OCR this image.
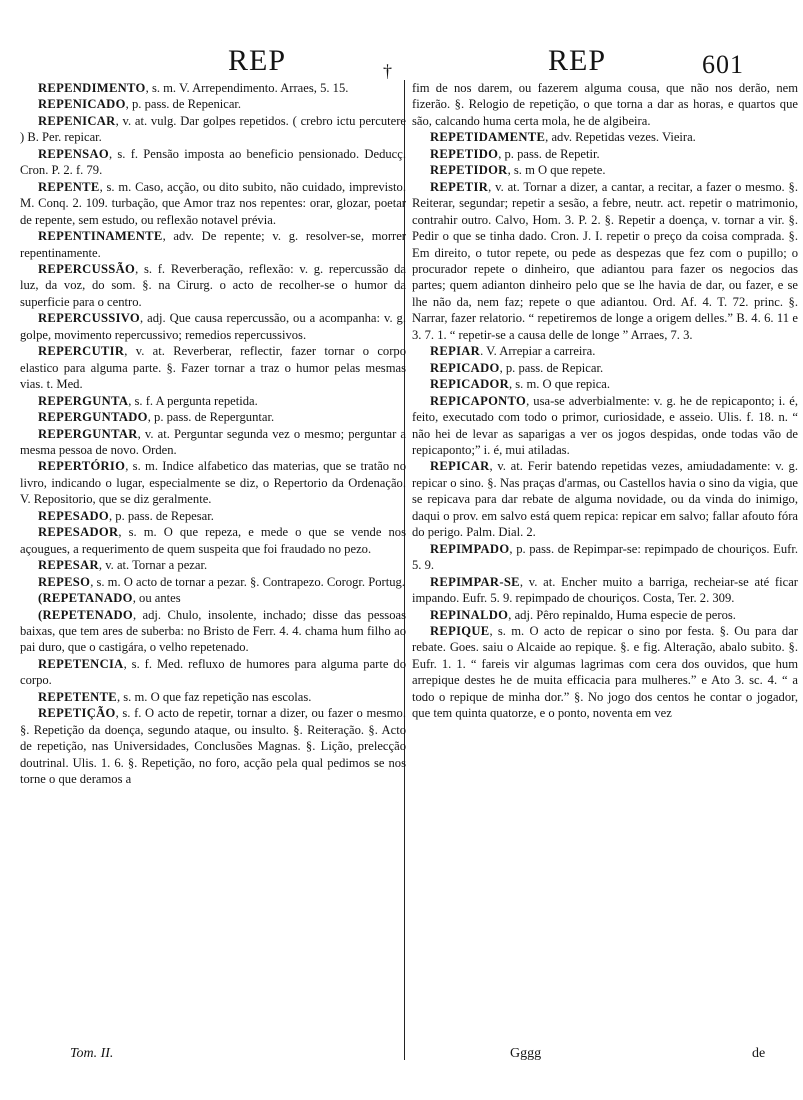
REP	†	REP	601

REPENDIMENTO, s. m. V. Arrependimento. Arraes, 5. 15.

REPENICADO, p. pass. de Repenicar.

REPENICAR, v. at. vulg. Dar golpes repetidos. ( crebro ictu percutere ) B. Per. repicar.

REPENSAO, s. f. Pensão imposta ao beneficio pensionado. Deducç. Cron. P. 2. f. 79.

REPENTE, s. m. Caso, acção, ou dito subito, não cuidado, imprevisto. M. Conq. 2. 109. turbação, que Amor traz nos repentes: orar, glozar, poetar de repente, sem estudo, ou reflexão notavel prévia.

REPENTINAMENTE, adv. De repente; v. g. resolver-se, morrer repentinamente.

REPERCUSSÃO, s. f. Reverberação, reflexão: v. g. repercussão da luz, da voz, do som. §. na Cirurg. o acto de recolher-se o humor da superficie para o centro.

REPERCUSSIVO, adj. Que causa repercussão, ou a acompanha: v. g. golpe, movimento repercussivo; remedios repercussivos.

REPERCUTIR, v. at. Reverberar, reflectir, fazer tornar o corpo elastico para alguma parte. §. Fazer tornar a traz o humor pelas mesmas vias. t. Med.

REPERGUNTA, s. f. A pergunta repetida.

REPERGUNTADO, p. pass. de Reperguntar.

REPERGUNTAR, v. at. Perguntar segunda vez o mesmo; perguntar a mesma pessoa de novo. Orden.

REPERTÓRIO, s. m. Indice alfabetico das materias, que se tratão no livro, indicando o lugar, especialmente se diz, o Repertorio da Ordenação. V. Repositorio, que se diz geralmente.

REPESADO, p. pass. de Repesar.

REPESADOR, s. m. O que repeza, e mede o que se vende nos açougues, a requerimento de quem suspeita que foi fraudado no pezo.

REPESAR, v. at. Tornar a pezar.

REPESO, s. m. O acto de tornar a pezar. §. Contrapezo. Corogr. Portug.

(REPETANADO, ou antes

(REPETENADO, adj. Chulo, insolente, inchado; disse das pessoas baixas, que tem ares de suberba: no Bristo de Ferr. 4. 4. chama hum filho ao pai duro, que o castigára, o velho repetenado.

REPETENCIA, s. f. Med. refluxo de humores para alguma parte do corpo.

REPETENTE, s. m. O que faz repetição nas escolas.

REPETIÇÃO, s. f. O acto de repetir, tornar a dizer, ou fazer o mesmo. §. Repetição da doença, segundo ataque, ou insulto. §. Reiteração. §. Acto de repetição, nas Universidades, Conclusões Magnas. §. Lição, prelecção doutrinal. Ulis. 1. 6. §. Repetição, no foro, acção pela qual pedimos se nos torne o que deramos a

fim de nos darem, ou fazerem alguma cousa, que não nos derão, nem fizerão. §. Relogio de repetição, o que torna a dar as horas, e quartos que são, calcando huma certa mola, he de algibeira.

REPETIDAMENTE, adv. Repetidas vezes. Vieira.

REPETIDO, p. pass. de Repetir.

REPETIDOR, s. m O que repete.

REPETIR, v. at. Tornar a dizer, a cantar, a recitar, a fazer o mesmo. §. Reiterar, segundar; repetir a sesão, a febre, neutr. act. repetir o matrimonio, contrahir outro. Calvo, Hom. 3. P. 2. §. Repetir a doença, v. tornar a vir. §. Pedir o que se tinha dado. Cron. J. I. repetir o preço da coisa comprada. §. Em direito, o tutor repete, ou pede as despezas que fez com o pupillo; o procurador repete o dinheiro, que adiantou para fazer os negocios das partes; quem adianton dinheiro pelo que se lhe havia de dar, ou fazer, e se lhe não da, nem faz; repete o que adiantou. Ord. Af. 4. T. 72. princ. §. Narrar, fazer relatorio. “ repetiremos de longe a origem delles.” B. 4. 6. 11 e 3. 7. 1. “ repetir-se a causa delle de longe ” Arraes, 7. 3.

REPIAR. V. Arrepiar a carreira.

REPICADO, p. pass. de Repicar.

REPICADOR, s. m. O que repica.

REPICAPONTO, usa-se adverbialmente: v. g. he de repicaponto; i. é, feito, executado com todo o primor, curiosidade, e asseio. Ulis. f. 18. n. “ não hei de levar as saparigas a ver os jogos despidas, onde todas vão de repicaponto;” i. é, mui atiladas.

REPICAR, v. at. Ferir batendo repetidas vezes, amiudadamente: v. g. repicar o sino. §. Nas praças d'armas, ou Castellos havia o sino da vigia, que se repicava para dar rebate de alguma novidade, ou da vinda do inimigo, daqui o prov. em salvo está quem repica: repicar em salvo; fallar afouto fóra do perigo. Palm. Dial. 2.

REPIMPADO, p. pass. de Repimpar-se: repimpado de chouriços. Eufr. 5. 9.

REPIMPAR-SE, v. at. Encher muito a barriga, recheiar-se até ficar impando. Eufr. 5. 9. repimpado de chouriços. Costa, Ter. 2. 309.

REPINALDO, adj. Pêro repinaldo, Huma especie de peros.

REPIQUE, s. m. O acto de repicar o sino por festa. §. Ou para dar rebate. Goes. saiu o Alcaide ao repique. §. e fig. Alteração, abalo subito. §. Eufr. 1. 1. “ fareis vir algumas lagrimas com cera dos ouvidos, que hum arrepique destes he de muita efficacia para mulheres.” e Ato 3. sc. 4. “ a todo o repique de minha dor.” §. No jogo dos centos he contar o jogador, que tem quinta quatorze, e o ponto, noventa em vez

Tom. II.	Gggg	de
